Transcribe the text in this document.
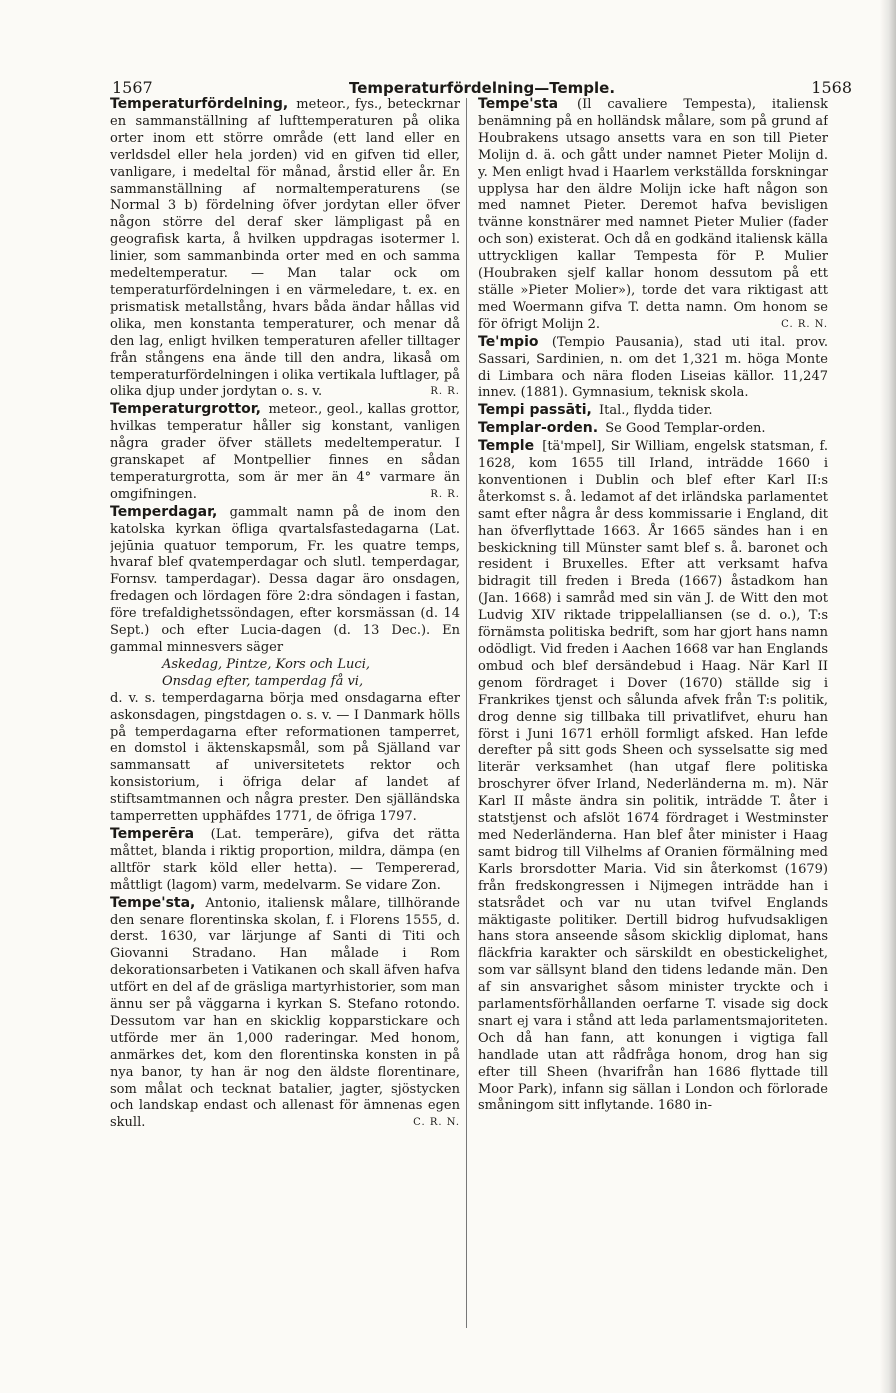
1567	Temperaturfördelning—Temple.	1568

Temperaturfördelning, meteor., fys., beteckrnar en sammanställning af lufttemperaturen på olika orter inom ett större område (ett land eller en verldsdel eller hela jorden) vid en gifven tid eller, vanligare, i medeltal för månad, årstid eller år. En sammanställning af normaltemperaturens (se Normal 3 b) fördelning öfver jordytan eller öfver någon större del deraf sker lämpligast på en geografisk karta, å hvilken uppdragas isotermer l. linier, som sammanbinda orter med en och samma medeltemperatur. — Man talar ock om temperaturfördelningen i en värmeledare, t. ex. en prismatisk metallstång, hvars båda ändar hållas vid olika, men konstanta temperaturer, och menar då den lag, enligt hvilken temperaturen afeller tilltager från stångens ena ände till den andra, likaså om temperaturfördelningen i olika vertikala luftlager, på olika djup under jordytan o. s. v.	R. R.

Temperaturgrottor, meteor., geol., kallas grottor, hvilkas temperatur håller sig konstant, vanligen några grader öfver ställets medeltemperatur. I granskapet af Montpellier finnes en sådan temperaturgrotta, som är mer än 4° varmare än omgifningen.	R. R.

Temperdagar, gammalt namn på de inom den katolska kyrkan öfliga qvartalsfastedagarna (Lat. jejūnia quatuor temporum, Fr. les quatre temps, hvaraf blef qvatemperdagar och slutl. temperdagar, Fornsv. tamperdagar). Dessa dagar äro onsdagen, fredagen och lördagen före 2:dra söndagen i fastan, före trefaldighetssöndagen, efter korsmässan (d. 14 Sept.) och efter Lucia-dagen (d. 13 Dec.). En gammal minnesvers säger

Askedag, Pintze, Kors och Luci,
Onsdag efter, tamperdag få vi,

d. v. s. temperdagarna börja med onsdagarna efter askonsdagen, pingstdagen o. s. v. — I Danmark hölls på temperdagarna efter reformationen tamperret, en domstol i äktenskapsmål, som på Själland var sammansatt af universitetets rektor och konsistorium, i öfriga delar af landet af stiftsamtmannen och några prester. Den själländska tamperretten upphäfdes 1771, de öfriga 1797.

Temperēra (Lat. temperāre), gifva det rätta måttet, blanda i riktig proportion, mildra, dämpa (en alltför stark köld eller hetta). — Tempererad, måttligt (lagom) varm, medelvarm. Se vidare Zon.

Tempe'sta, Antonio, italiensk målare, tillhörande den senare florentinska skolan, f. i Florens 1555, d. derst. 1630, var lärjunge af Santi di Titi och Giovanni Stradano. Han målade i Rom dekorationsarbeten i Vatikanen och skall äfven hafva utfört en del af de gräsliga martyrhistorier, som man ännu ser på väggarna i kyrkan S. Stefano rotondo. Dessutom var han en skicklig kopparstickare och utförde mer än 1,000 raderingar. Med honom, anmärkes det, kom den florentinska konsten in på nya banor, ty han är nog den äldste florentinare, som målat och tecknat batalier, jagter, sjöstycken och landskap endast och allenast för ämnenas egen skull.	C. R. N.

Tempe'sta (Il cavaliere Tempesta), italiensk benämning på en holländsk målare, som på grund af Houbrakens utsago ansetts vara en son till Pieter Molijn d. ä. och gått under namnet Pieter Molijn d. y. Men enligt hvad i Haarlem verkställda forskningar upplysa har den äldre Molijn icke haft någon son med namnet Pieter. Deremot hafva bevisligen tvänne konstnärer med namnet Pieter Mulier (fader och son) existerat. Och då en godkänd italiensk källa uttryckligen kallar Tempesta för P. Mulier (Houbraken sjelf kallar honom dessutom på ett ställe »Pieter Molier»), torde det vara riktigast att med Woermann gifva T. detta namn. Om honom se för öfrigt Molijn 2.	C. R. N.

Te'mpio (Tempio Pausania), stad uti ital. prov. Sassari, Sardinien, n. om det 1,321 m. höga Monte di Limbara och nära floden Liseias källor. 11,247 innev. (1881). Gymnasium, teknisk skola.

Tempi passāti, Ital., flydda tider.

Templar-orden. Se Good Templar-orden.

Temple [tä'mpel], Sir William, engelsk statsman, f. 1628, kom 1655 till Irland, inträdde 1660 i konventionen i Dublin och blef efter Karl II:s återkomst s. å. ledamot af det irländska parlamentet samt efter några år dess kommissarie i England, dit han öfverflyttade 1663. År 1665 sändes han i en beskickning till Münster samt blef s. å. baronet och resident i Bruxelles. Efter att verksamt hafva bidragit till freden i Breda (1667) åstadkom han (Jan. 1668) i samråd med sin vän J. de Witt den mot Ludvig XIV riktade trippelalliansen (se d. o.), T:s förnämsta politiska bedrift, som har gjort hans namn odödligt. Vid freden i Aachen 1668 var han Englands ombud och blef dersändebud i Haag. När Karl II genom fördraget i Dover (1670) ställde sig i Frankrikes tjenst och sålunda afvek från T:s politik, drog denne sig tillbaka till privatlifvet, ehuru han först i Juni 1671 erhöll formligt afsked. Han lefde derefter på sitt gods Sheen och sysselsatte sig med literär verksamhet (han utgaf flere politiska broschyrer öfver Irland, Nederländerna m. m). När Karl II måste ändra sin politik, inträdde T. åter i statstjenst och afslöt 1674 fördraget i Westminster med Nederländerna. Han blef åter minister i Haag samt bidrog till Vilhelms af Oranien förmälning med Karls brorsdotter Maria. Vid sin återkomst (1679) från fredskongressen i Nijmegen inträdde han i statsrådet och var nu utan tvifvel Englands mäktigaste politiker. Dertill bidrog hufvudsakligen hans stora anseende såsom skicklig diplomat, hans fläckfria karakter och särskildt en obestickelighet, som var sällsynt bland den tidens ledande män. Den af sin ansvarighet såsom minister tryckte och i parlamentsförhållanden oerfarne T. visade sig dock snart ej vara i stånd att leda parlamentsmajoriteten. Och då han fann, att konungen i vigtiga fall handlade utan att rådfråga honom, drog han sig efter till Sheen (hvarifrån han 1686 flyttade till Moor Park), infann sig sällan i London och förlorade småningom sitt inflytande. 1680 in-
